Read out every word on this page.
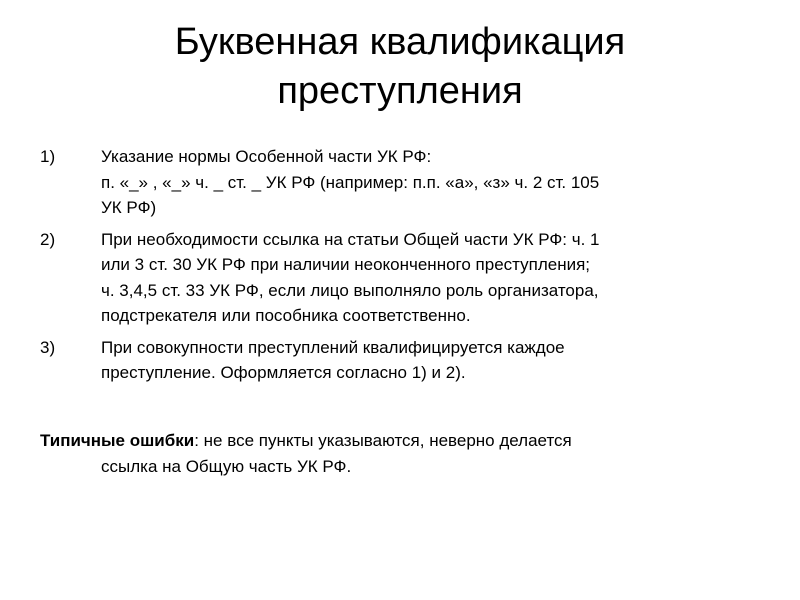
Буквенная квалификация
преступления
1)	Указание нормы Особенной части УК РФ:
п. «_» , «_» ч. _ ст. _ УК РФ (например: п.п. «а», «з» ч. 2 ст. 105
УК РФ)
2)	При необходимости ссылка на статьи Общей части УК РФ: ч. 1
или 3 ст. 30 УК РФ при наличии неоконченного преступления;
ч. 3,4,5 ст. 33 УК РФ, если лицо выполняло роль организатора,
подстрекателя или пособника соответственно.
3)	При совокупности преступлений квалифицируется каждое
преступление. Оформляется согласно 1) и 2).
Типичные ошибки: не все пункты указываются, неверно делается
ссылка на Общую часть УК РФ.
